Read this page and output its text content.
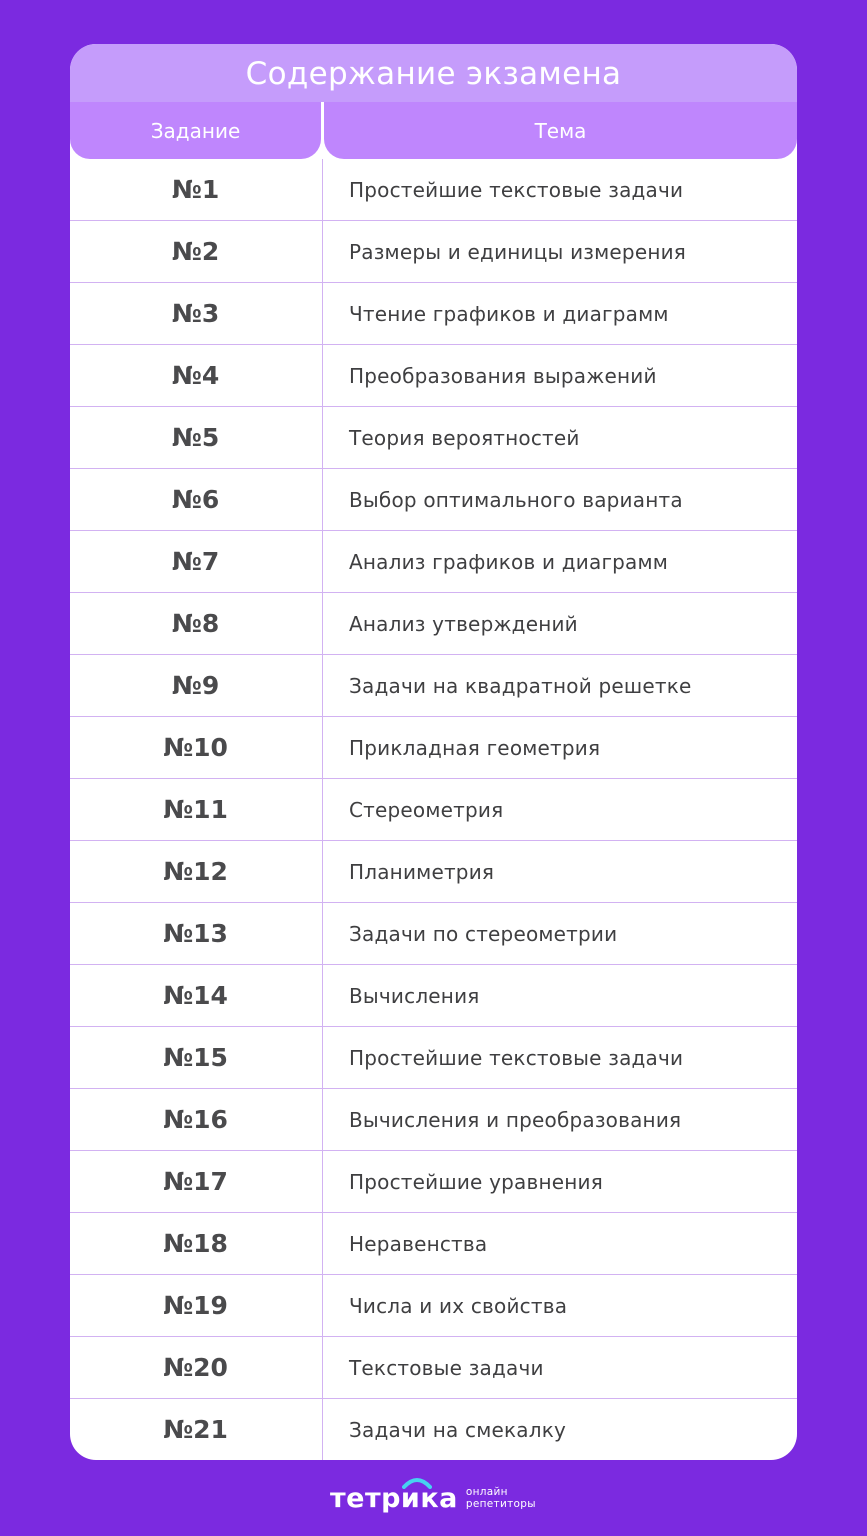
Содержание экзамена
Задание	Тема
№1	Простейшие текстовые задачи
№2	Размеры и единицы измерения
№3	Чтение графиков и диаграмм
№4	Преобразования выражений
№5	Теория вероятностей
№6	Выбор оптимального варианта
№7	Анализ графиков и диаграмм
№8	Анализ утверждений
№9	Задачи на квадратной решетке
№10	Прикладная геометрия
№11	Стереометрия
№12	Планиметрия
№13	Задачи по стереометрии
№14	Вычисления
№15	Простейшие текстовые задачи
№16	Вычисления и преобразования
№17	Простейшие уравнения
№18	Неравенства
№19	Числа и их свойства
№20	Текстовые задачи
№21	Задачи на смекалку
тетрика онлайн
репетиторы
